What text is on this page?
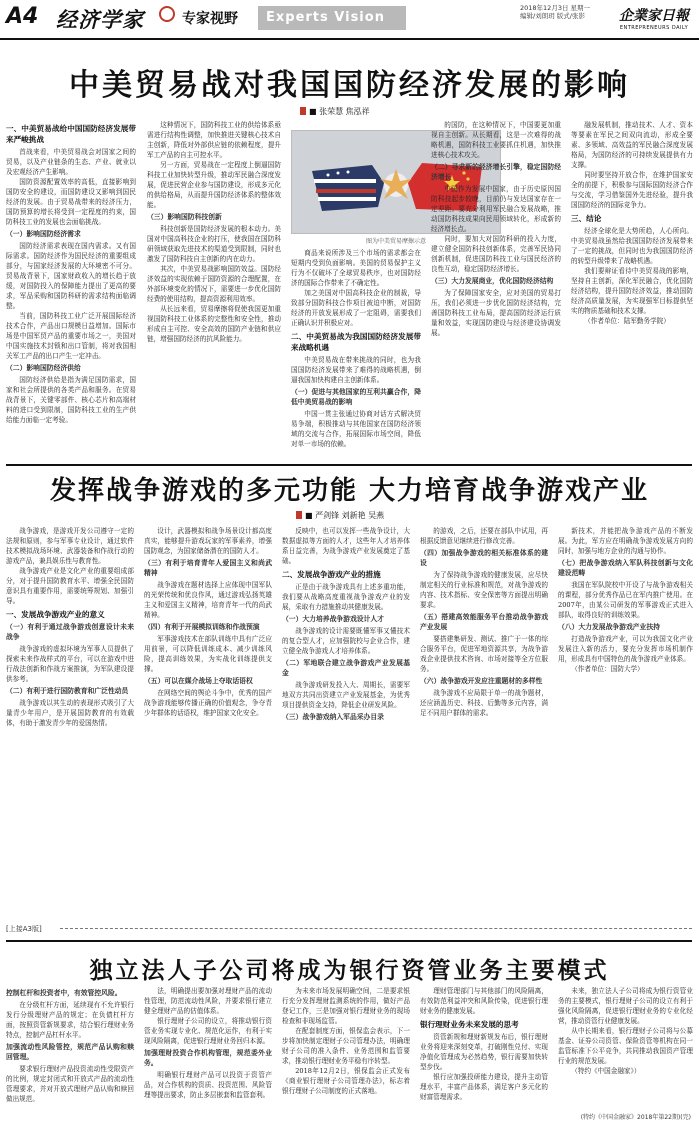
A4 经济学家	专家视野	Experts Vision
2018年12月3日 星期一
编辑/刘朗玥 版式/张影	企業家日報
ENTREPRENEURS DAILY
中美贸易战对我国国防经济发展的影响
■ 张荣慧 焦泓祥
一、中美贸易战给中国国防经济发展带来严峻挑战

首战来看，中美贸易战会对国家之间的贸易，以及产业链条的生态、产业、就业以及宏观经济产生影响。

国防资源配置效率的高低，直接影响到国防安全的建设，而国防建设又影响到国民经济的发展。由于贸易战带来的经济压力，国防预算的增长将受到一定程度的约束，国防科技工业的发展也会面临挑战。

（一）影响国防经济需求

国防经济需求表现在国内需求。又有国际需求。国防经济作为国民经济的重要组成部分，与国家经济发展的大环境密不可分。贸易战背景下，国家财政收入的增长趋于放缓，对国防投入的保障能力提出了更高的要求，军品采购和国防科研的需求结构面临调整。

当前，国防科技工业广泛开展国际经济技术合作，产品出口规模日益增加。国际市场是中国军贸产品的重要市场之一，美国对中国实施技术封锁和出口管制，将对我国相关军工产品的出口产生一定冲击。

（二）影响国防经济供给

国防经济供给是指为满足国防需求，国家和社会所提供的各类产品和服务。在贸易战背景下，关键零部件、核心芯片和高端材料的进口受到限制，国防科技工业的生产供给能力面临一定考验。

这种情况下，国防科技工业的供给体系亟需进行结构性调整，加快推进关键核心技术自主创新，降低对外部供应链的依赖程度，提升军工产品的自主可控水平。

另一方面，贸易战在一定程度上倒逼国防科技工业加快转型升级，推动军民融合深度发展，促进民营企业参与国防建设，形成多元化的供给格局，从而提升国防经济体系的整体效能。

（三）影响国防科技创新

科技创新是国防经济发展的根本动力。美国对中国高科技企业的打压，使我国在国防科研领域获取先进技术的渠道受到限制，同时也激发了国防科技自主创新的内在动力。

其次，中美贸易战影响国防效益。国防经济效益的实现依赖于国防资源的合理配置，在外部环境变化的情况下，需要进一步优化国防经费的使用结构，提高资源利用效率。

从长远来看，贸易摩擦将促使我国更加重视国防科技工业体系的完整性和安全性，推动形成自主可控、安全高效的国防产业链和供应链，增强国防经济的抗风险能力。

图为中美贸易摩擦示意

商品来说所涉及三个市场的需求都会在短期内受到负面影响。美国的贸易保护主义行为不仅破坏了全球贸易秩序，也对国防经济的国际合作带来了不确定性。

加之美国对中国高科技企业的制裁，导致部分国防科技合作项目被迫中断，对国防经济的开放发展形成了一定阻碍，需要我们正确认识并积极应对。

二、中美贸易战为我国国防经济发展带来战略机遇

中美贸易战在带来挑战的同时，也为我国国防经济发展带来了难得的战略机遇，倒逼我国加快构建自主创新体系。

（一）促进与其他国家的互利共赢合作，降低中美贸易战的影响

中国一贯主张通过协商对话方式解决贸易争端，积极推动与其他国家在国防经济领域的交流与合作，拓展国际市场空间，降低对单一市场的依赖。

的国防，在这种情况下，中国要更加重视自主创新。从长期看，这是一次难得的战略机遇，国防科技工业要抓住机遇，加快推进核心技术攻关。

（二）寻求新的经济增长引擎，稳定国防经济增长

中国作为发展中国家，由于历史原因国防科技起步较晚，目前仍与发达国家存在一定差距。要充分利用军民融合发展战略，推动国防科技成果向民用领域转化，形成新的经济增长点。

同时，要加大对国防科研的投入力度，建立健全国防科技创新体系，完善军民协同创新机制，促进国防科技工业与国民经济的良性互动，稳定国防经济增长。

（三）大力发展商业，优化国防经济结构

为了保障国家安全，应对美国的贸易打压，我们必须进一步优化国防经济结构，完善国防科技工业布局，提高国防经济运行质量和效益，实现国防建设与经济建设协调发展。

融发展机制，推动技术、人才、资本等要素在军民之间双向流动，形成全要素、多领域、高效益的军民融合深度发展格局，为国防经济的可持续发展提供有力支撑。

同时要坚持开放合作，在维护国家安全的前提下，积极参与国际国防经济合作与交流，学习借鉴国外先进经验，提升我国国防经济的国际竞争力。

三、结论

经济全球化是大势所趋，人心所向。中美贸易战虽然给我国国防经济发展带来了一定的挑战，但同时也为我国国防经济的转型升级带来了战略机遇。

我们要辩证看待中美贸易战的影响，坚持自主创新，深化军民融合，优化国防经济结构，提升国防经济效益，推动国防经济高质量发展，为实现强军目标提供坚实的物质基础和技术支撑。

（作者单位：陆军勤务学院）

发挥战争游戏的多元功能 大力培育战争游戏产业
■ 严剑锋 刘新艳 吴燕

战争游戏，是游戏开发公司遵守一定的法规和原则，参与军事专业设计，通过软件技术模拟战场环境、武器装备和作战行动的游戏产品，兼具娱乐性与教育性。

战争游戏产业是文化产业的重要组成部分，对于提升国防教育水平、增强全民国防意识具有重要作用，需要统筹规划、加强引导。

一、发展战争游戏产业的意义
（一）有利于通过战争游戏创意设计未来战争

战争游戏的虚拟环境为军事人员提供了探索未来作战样式的平台，可以在游戏中进行战法创新和作战方案推演，为军队建设提供参考。

（二）有利于进行国防教育和广泛性动员

战争游戏以其生动的表现形式吸引了大量青少年用户，是开展国防教育的有效载体，有助于激发青少年的爱国热情。

设计，武器模拟和战争场景设计都高度真实，能够提升游戏玩家的军事素养，增强国防观念，为国家储备潜在的国防人才。

（三）有利于培育青年人爱国主义和尚武精神

战争游戏在题材选择上应体现中国军队的光荣传统和优良作风，通过游戏弘扬英雄主义和爱国主义精神，培育青年一代的尚武精神。

（四）有利于开展模拟训练和作战预演

军事游戏技术在部队训练中具有广泛应用前景，可以降低训练成本、减少训练风险，提高训练效果，为实战化训练提供支撑。

（五）可以在媒介战场上夺取话语权

在网络空间的舆论斗争中，优秀的国产战争游戏能够传播正确的价值观念，争夺青少年群体的话语权，维护国家文化安全。

反映中，也可以发挥一些战争设计，大数据虚拟等方面的人才，这些年人才培养体系日益完善，为战争游戏产业发展奠定了基础。

二、发展战争游戏产业的措施

正是由于战争游戏具有上述多重功能，我们要从战略高度重视战争游戏产业的发展，采取有力措施推动其健康发展。

（一）大力培养战争游戏设计人才

战争游戏的设计需要既懂军事又懂技术的复合型人才，应加强院校与企业合作，建立健全战争游戏人才培养体系。

（二）军地联合建立战争游戏产业发展基金

战争游戏研发投入大、周期长，需要军地双方共同出资建立产业发展基金，为优秀项目提供资金支持，降低企业研发风险。

（三）战争游戏纳入军品采办目录

的游戏，之后，还要在部队中试用，再根据反馈意见继续进行修改完善。

（四）加强战争游戏的相关标准体系的建设

为了保持战争游戏的健康发展，应尽快制定相关的行业标准和规范，对战争游戏的内容、技术指标、安全保密等方面提出明确要求。

（五）搭建高效能服务平台推动战争游戏产业发展

要搭建集研发、测试、推广于一体的综合服务平台，促进军地资源共享，为战争游戏企业提供技术咨询、市场对接等全方位服务。

（六）战争游戏开发应注重题材的多样性

战争游戏不应局限于单一的战争题材，还应涵盖历史、科技、后勤等多元内容，满足不同用户群体的需求。

新技术，并能把战争游戏产品的不断发展。为此，军方应在明确战争游戏发展方向的同时，加强与地方企业的沟通与协作。

（七）把战争游戏纳入军队科技创新与文化建设范畴

我国在军队院校中开设了与战争游戏相关的课程，部分优秀作品已在军内推广使用。在2007年，由某公司研发的军事游戏正式进入部队，取得良好的训练效果。

（八）大力发展战争游戏产业扶持

打造战争游戏产业，可以为我国文化产业发展注入新的活力，要充分发挥市场机制作用，形成具有中国特色的战争游戏产业体系。

（作者单位：国防大学）

[上接A3版]
独立法人子公司将成为银行资管业务主要模式
控制杠杆和投资者中，有效管控风险。

在分级杠杆方面，延续现有不允许银行发行分级理财产品的规定；在负债杠杆方面，按照资管新规要求，结合银行理财业务特点，控制产品杠杆水平。

加强流动性风险管控，规范产品认购和赎回管理。

要求银行理财产品投资流动性受限资产的比例，规定封闭式和开放式产品的流动性管理要求，并对开放式理财产品认购和赎回做出规范。

法，明确提出要加强对理财产品的流动性管理，防范流动性风险，并要求银行建立健全理财产品的估值体系。

银行理财子公司的设立，将推动银行资管业务实现专业化、规范化运作，有利于实现风险隔离，促进银行理财业务回归本源。

加强理财投资合作机构管理，规范委外业务。

明确银行理财产品可以投资于资管产品，对合作机构的资质、投资范围、风险管理等提出要求，防止多层嵌套和监管套利。

为未来市场发展明确空间，二是要求银行充分发挥理财监测系统的作用，做好产品登记工作，三是加强对银行理财业务的现场检查和非现场监管。

在配套制度方面，银保监会表示，下一步将加快制定理财子公司管理办法，明确理财子公司的准入条件、业务范围和监管要求，推动银行理财业务平稳有序转型。

2018年12月2日，银保监会正式发布《商业银行理财子公司管理办法》，标志着银行理财子公司制度的正式落地。

理财管理部门与其他部门的风险隔离，有效防范利益冲突和风险传染，促进银行理财业务的健康发展。

银行理财业务未来发展的思考

资管新规和理财新规发布后，银行理财业务将迎来深刻变革，打破刚性兑付、实现净值化管理成为必然趋势，银行需要加快转型步伐。

银行应加强投研能力建设，提升主动管理水平，丰富产品体系，满足客户多元化的财富管理需求。

未来，独立法人子公司将成为银行资管业务的主要模式，银行理财子公司的设立有利于强化风险隔离，促进银行理财业务的专业化经营，推动资管行业健康发展。

从中长期来看，银行理财子公司将与公募基金、证券公司资管、保险资管等机构在同一监管标准下公平竞争，共同推动我国资产管理行业的规范发展。

（特约《中国金融家》）

(特约《中国金融家》2018年第22期)(完)
